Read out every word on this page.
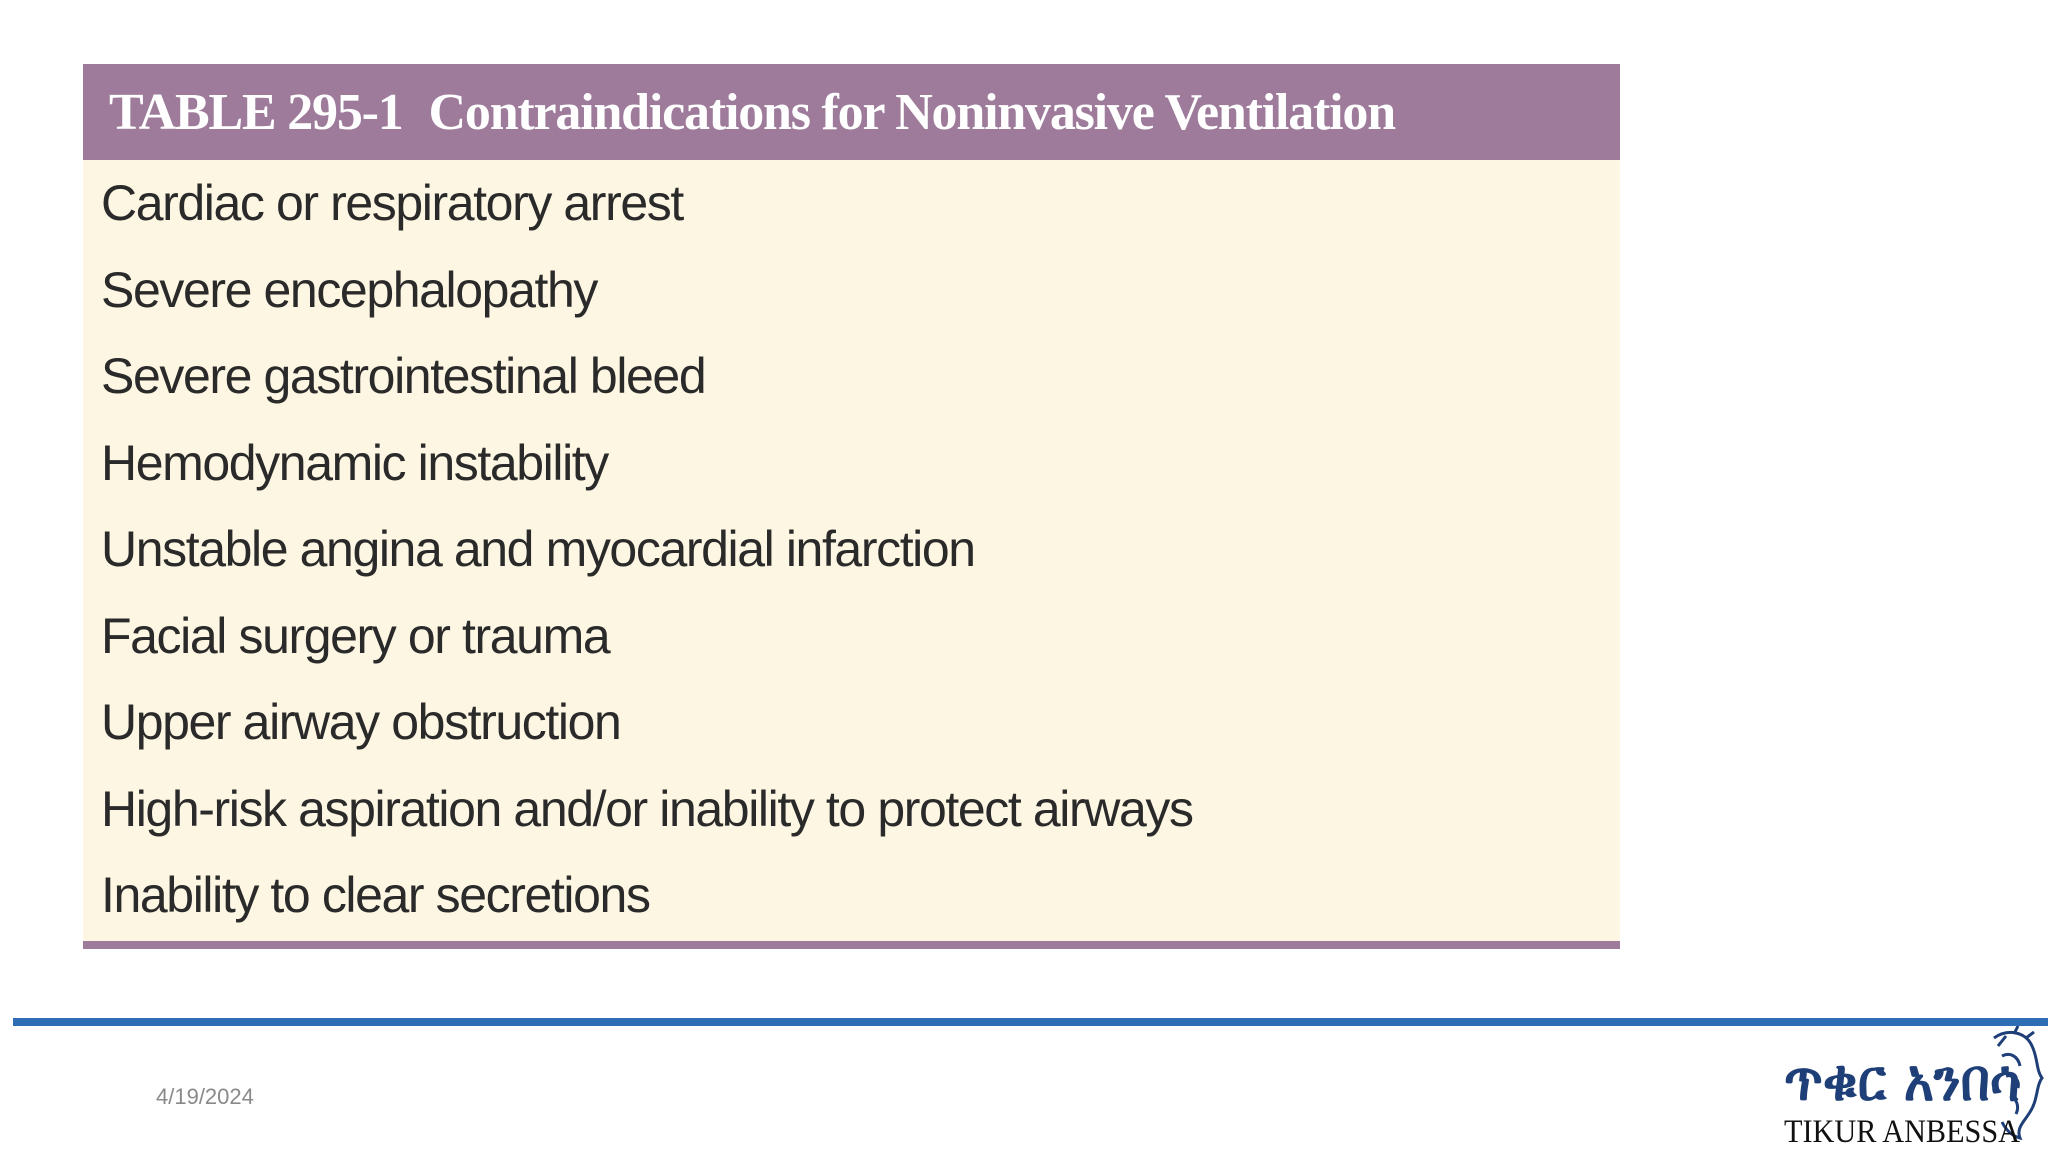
TABLE 295-1 Contraindications for Noninvasive Ventilation
Cardiac or respiratory arrest
Severe encephalopathy
Severe gastrointestinal bleed
Hemodynamic instability
Unstable angina and myocardial infarction
Facial surgery or trauma
Upper airway obstruction
High-risk aspiration and/or inability to protect airways
Inability to clear secretions
4/19/2024	ጥቁር አንበሳ
TIKUR ANBESSA
